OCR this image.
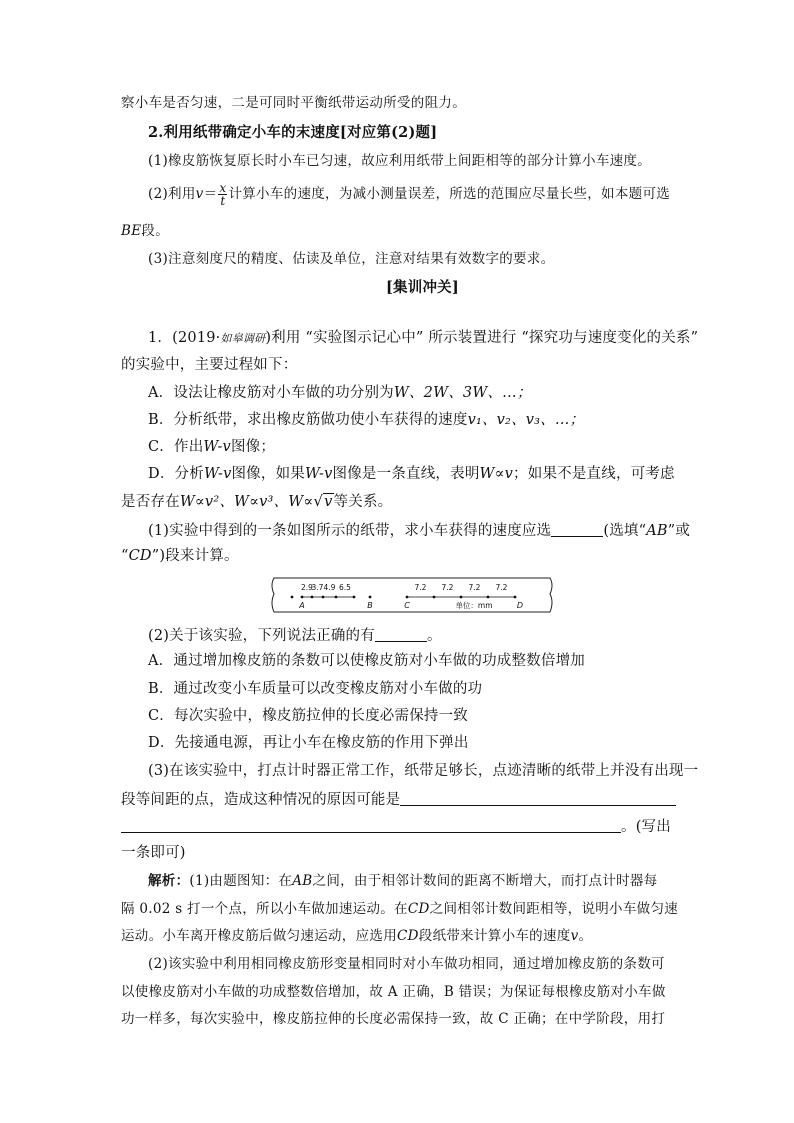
察小车是否匀速，二是可同时平衡纸带运动所受的阻力。
2.利用纸带确定小车的末速度[对应第(2)题]
(1)橡皮筋恢复原长时小车已匀速，故应利用纸带上间距相等的部分计算小车速度。
(2)利用$v= \frac{x}{t}$ 计算小车的速度，为减小测量误差，所选的范围应尽量长些，如本题可选
BE段。
(3)注意刻度尺的精度、估读及单位，注意对结果有效数字的要求。
[集训冲关]
1．(2019·如皋调研)利用 “实验图示记心中” 所示装置进行 “探究功与速度变化的关系”
的实验中，主要过程如下：
A．设法让橡皮筋对小车做的功分别为W、2W、3W、…；
B．分析纸带，求出橡皮筋做功使小车获得的速度v₁、v₂、v₃、…；
C．作出W-v图像；
D．分析W-v图像，如果W-v图像是一条直线，表明W∝v；如果不是直线，可考虑
是否存在W∝v²、W∝v³、W∝√v等关系。
(1)实验中得到的一条如图所示的纸带，求小车获得的速度应选	(选填“AB”或
“CD”)段来计算。
2.9
3.7 4.9 6.5	7.2 7.2 7.2 7.2
A	B	C	D
单位：mm
(2)关于该实验，下列说法正确的有	。
A．通过增加橡皮筋的条数可以使橡皮筋对小车做的功成整数倍增加
B．通过改变小车质量可以改变橡皮筋对小车做的功
C．每次实验中，橡皮筋拉伸的长度必需保持一致
D．先接通电源，再让小车在橡皮筋的作用下弹出
(3)在该实验中，打点计时器正常工作，纸带足够长，点迹清晰的纸带上并没有出现一
段等间距的点，造成这种情况的原因可能是
。(写出
一条即可)
解析：(1)由题图知：在AB之间，由于相邻计数间的距离不断增大，而打点计时器每
隔 0.02 s 打一个点，所以小车做加速运动。在CD之间相邻计数间距相等，说明小车做匀速
运动。小车离开橡皮筋后做匀速运动，应选用CD段纸带来计算小车的速度v。
(2)该实验中利用相同橡皮筋形变量相同时对小车做功相同，通过增加橡皮筋的条数可
以使橡皮筋对小车做的功成整数倍增加，故 A 正确，B 错误；为保证每根橡皮筋对小车做
功一样多，每次实验中，橡皮筋拉伸的长度必需保持一致，故 C 正确；在中学阶段，用打
